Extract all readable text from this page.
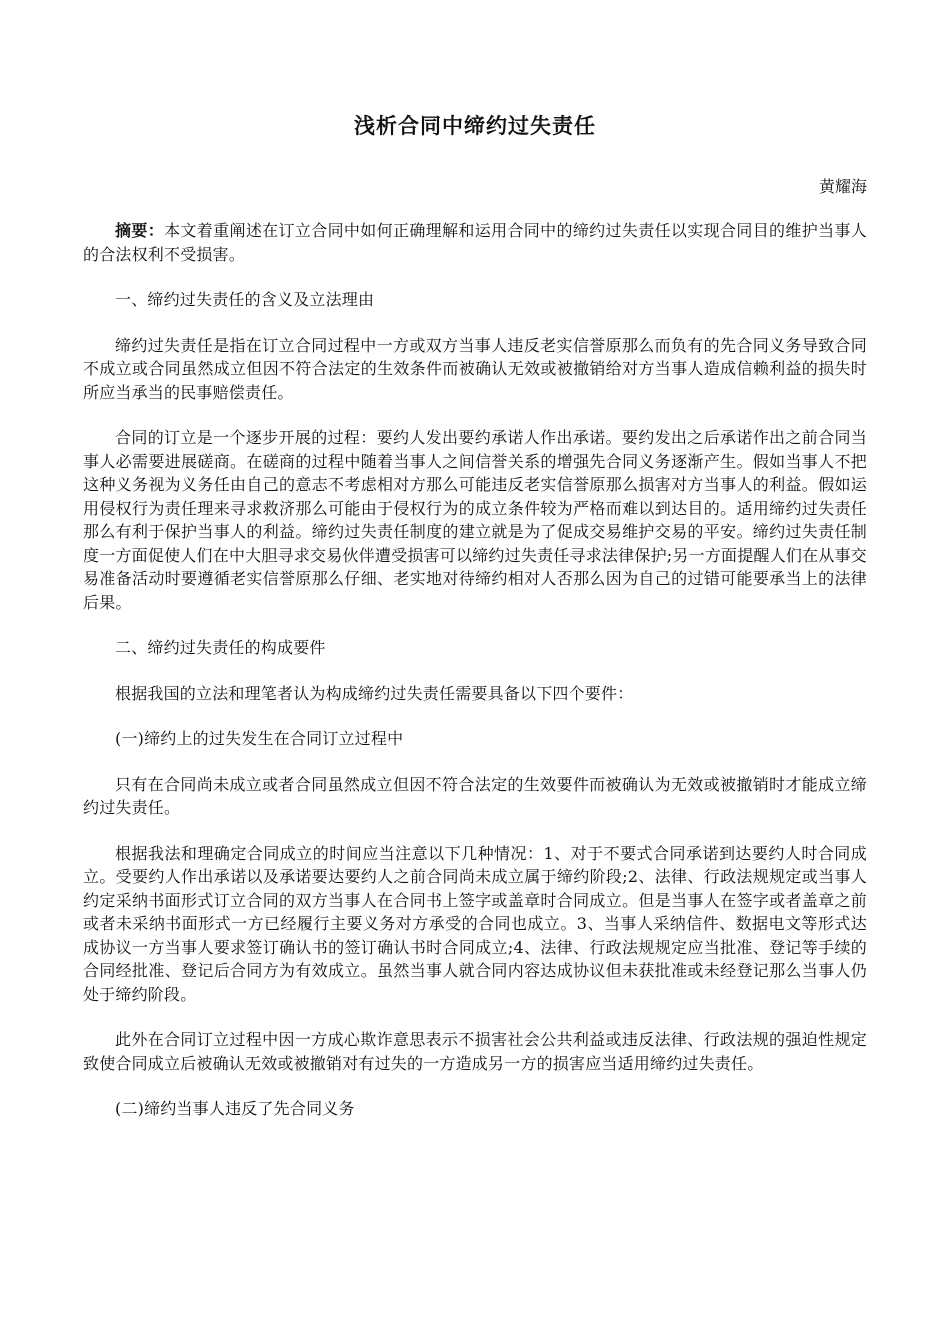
浅析合同中缔约过失责任

黄耀海

摘要：本文着重阐述在订立合同中如何正确理解和运用合同中的缔约过失责任以实现合同目的维护当事人的合法权利不受损害。

一、缔约过失责任的含义及立法理由

缔约过失责任是指在订立合同过程中一方或双方当事人违反老实信誉原那么而负有的先合同义务导致合同不成立或合同虽然成立但因不符合法定的生效条件而被确认无效或被撤销给对方当事人造成信赖利益的损失时所应当承当的民事赔偿责任。

合同的订立是一个逐步开展的过程：要约人发出要约承诺人作出承诺。要约发出之后承诺作出之前合同当事人必需要进展磋商。在磋商的过程中随着当事人之间信誉关系的增强先合同义务逐渐产生。假如当事人不把这种义务视为义务任由自己的意志不考虑相对方那么可能违反老实信誉原那么损害对方当事人的利益。假如运用侵权行为责任理来寻求救济那么可能由于侵权行为的成立条件较为严格而难以到达目的。适用缔约过失责任那么有利于保护当事人的利益。缔约过失责任制度的建立就是为了促成交易维护交易的平安。缔约过失责任制度一方面促使人们在中大胆寻求交易伙伴遭受损害可以缔约过失责任寻求法律保护;另一方面提醒人们在从事交易准备活动时要遵循老实信誉原那么仔细、老实地对待缔约相对人否那么因为自己的过错可能要承当上的法律后果。

二、缔约过失责任的构成要件

根据我国的立法和理笔者认为构成缔约过失责任需要具备以下四个要件：

(一)缔约上的过失发生在合同订立过程中

只有在合同尚未成立或者合同虽然成立但因不符合法定的生效要件而被确认为无效或被撤销时才能成立缔约过失责任。

根据我法和理确定合同成立的时间应当注意以下几种情况：1、对于不要式合同承诺到达要约人时合同成立。受要约人作出承诺以及承诺要达要约人之前合同尚未成立属于缔约阶段;2、法律、行政法规规定或当事人约定采纳书面形式订立合同的双方当事人在合同书上签字或盖章时合同成立。但是当事人在签字或者盖章之前或者未采纳书面形式一方已经履行主要义务对方承受的合同也成立。3、当事人采纳信件、数据电文等形式达成协议一方当事人要求签订确认书的签订确认书时合同成立;4、法律、行政法规规定应当批准、登记等手续的合同经批准、登记后合同方为有效成立。虽然当事人就合同内容达成协议但未获批准或未经登记那么当事人仍处于缔约阶段。

此外在合同订立过程中因一方成心欺诈意思表示不损害社会公共利益或违反法律、行政法规的强迫性规定致使合同成立后被确认无效或被撤销对有过失的一方造成另一方的损害应当适用缔约过失责任。

(二)缔约当事人违反了先合同义务
